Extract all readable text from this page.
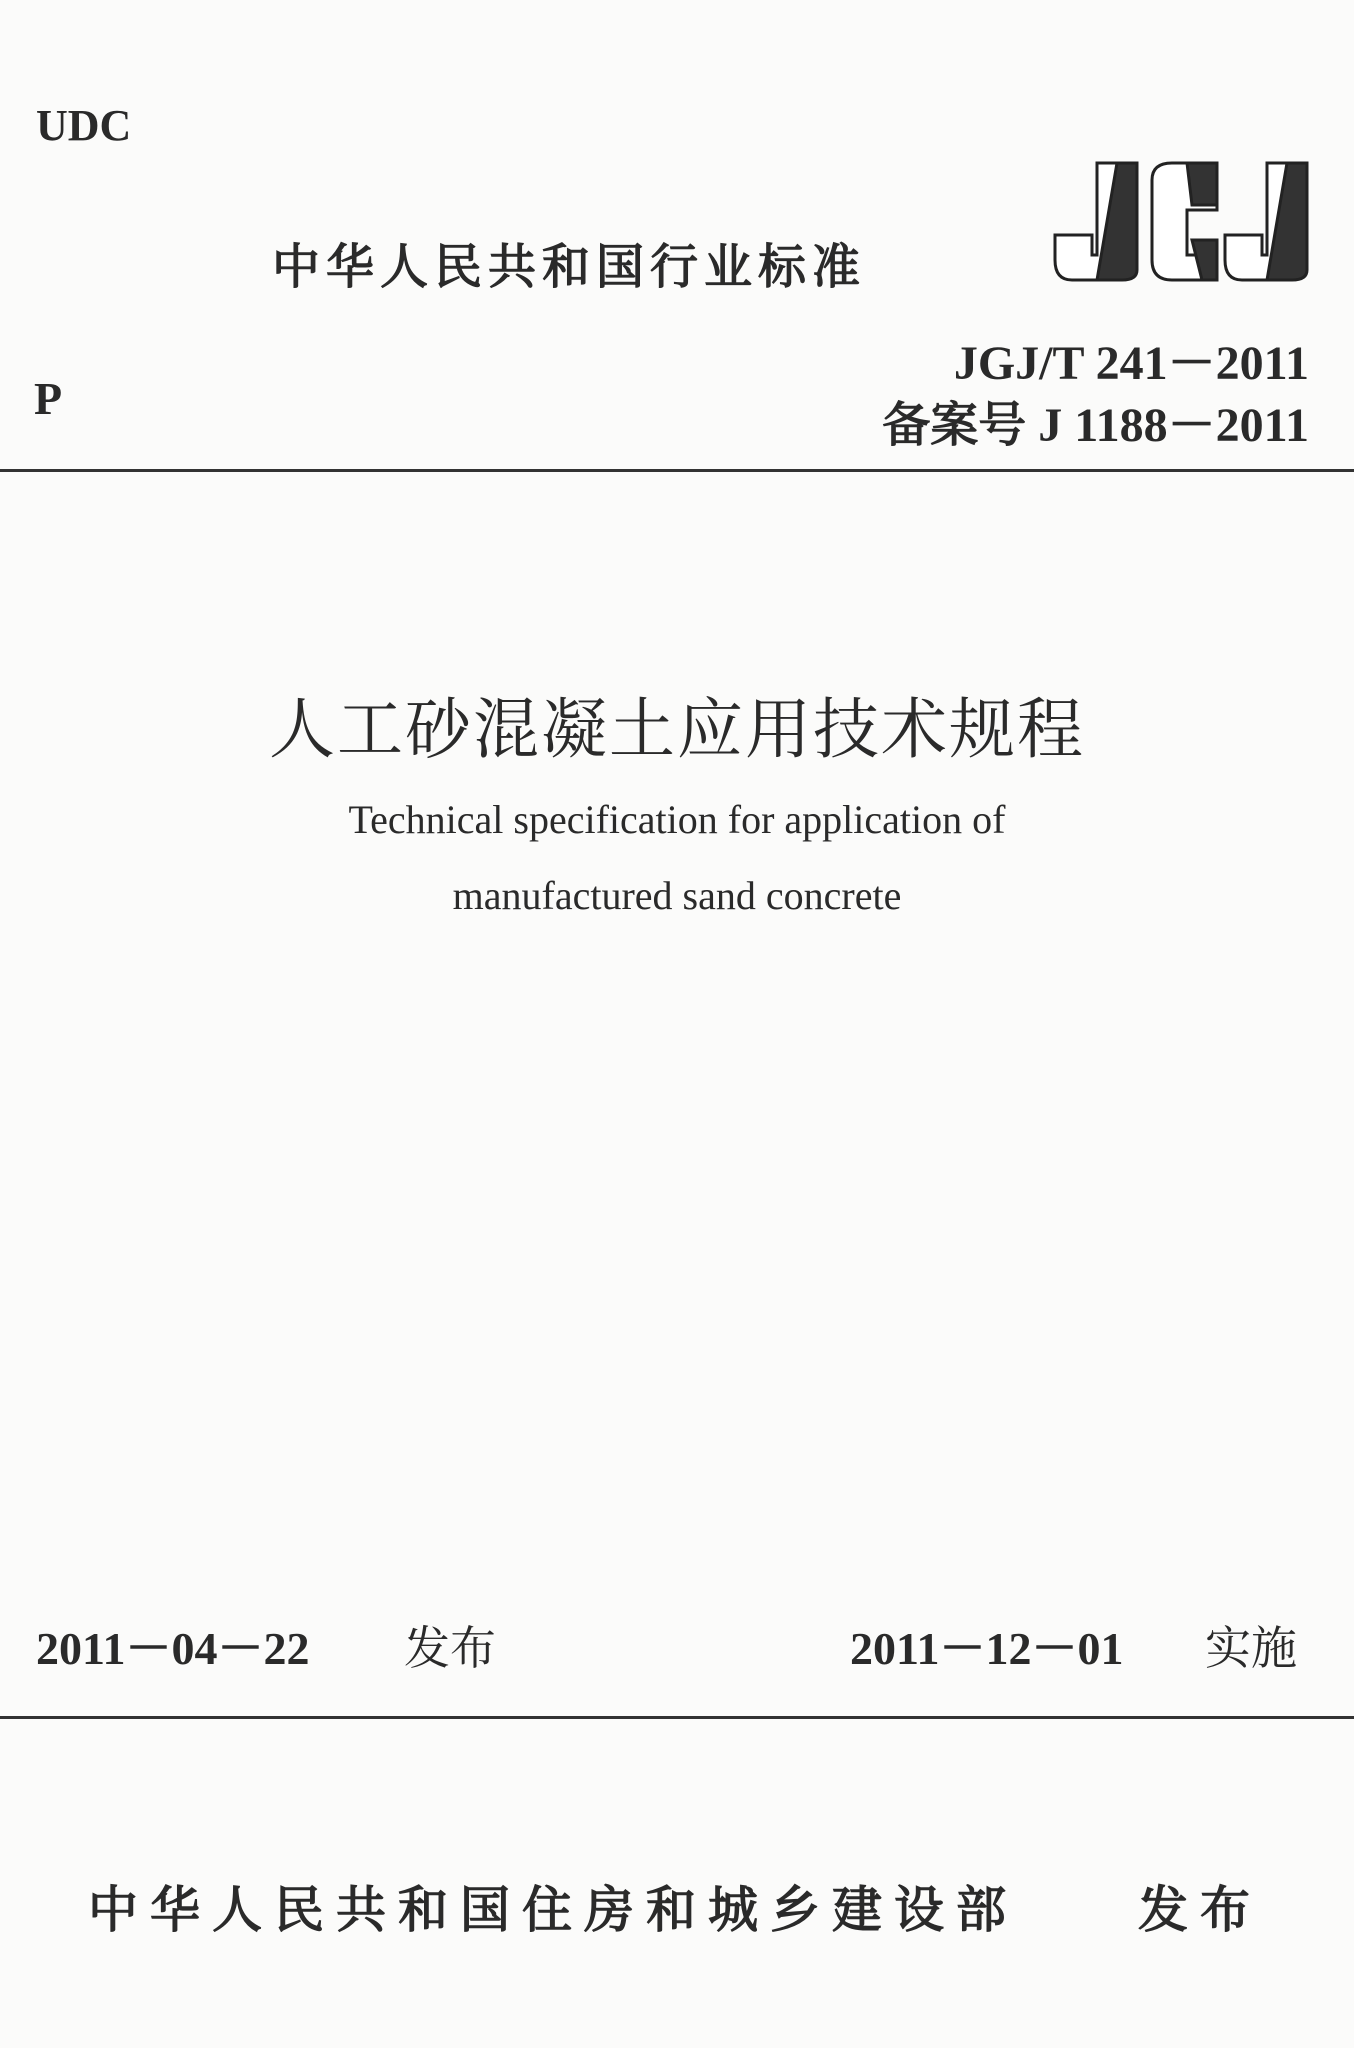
UDC
中华人民共和国行业标准
JGJ/T 241－2011
P
备案号 J 1188－2011
人工砂混凝土应用技术规程
Technical specification for application of
manufactured sand concrete
2011－04－22 发布	2011－12－01 实施
中华人民共和国住房和城乡建设部 发布
